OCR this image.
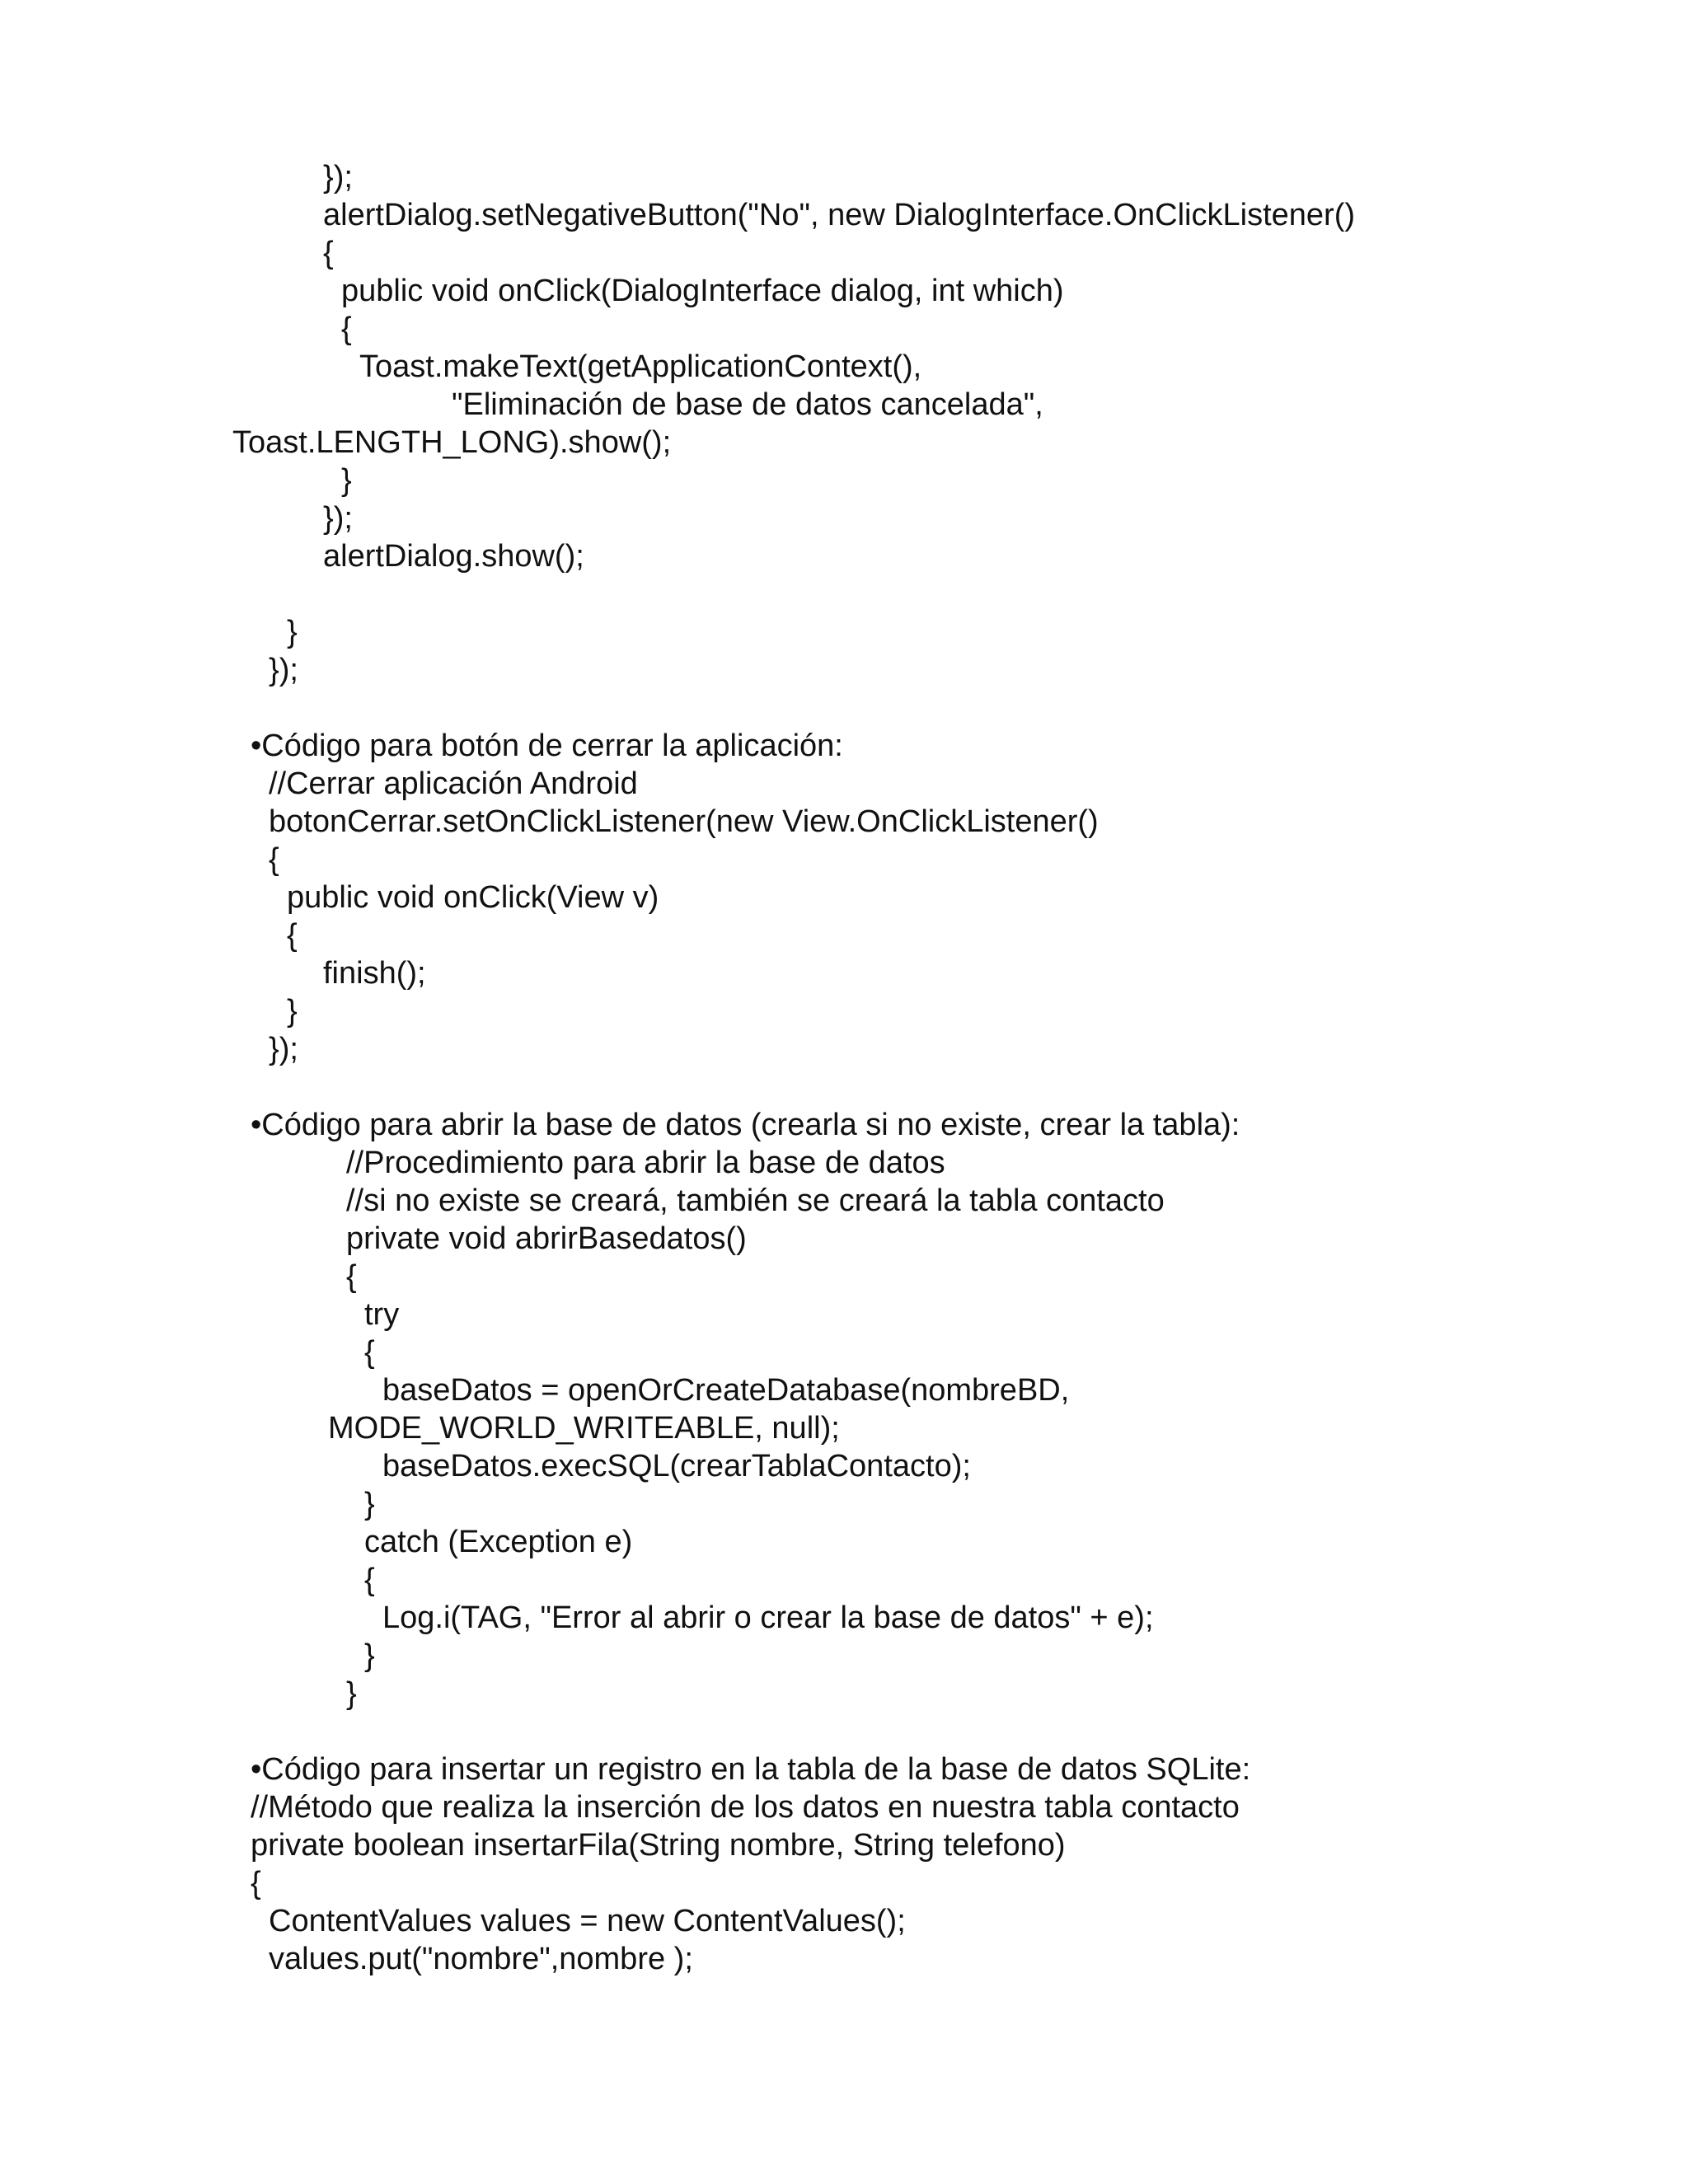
});
alertDialog.setNegativeButton("No", new DialogInterface.OnClickListener()
{
public void onClick(DialogInterface dialog, int which)
{
Toast.makeText(getApplicationContext(),
"Eliminación de base de datos cancelada",
Toast.LENGTH_LONG).show();
}
});
alertDialog.show();
}
});
•Código para botón de cerrar la aplicación:
//Cerrar aplicación Android
botonCerrar.setOnClickListener(new View.OnClickListener()
{
public void onClick(View v)
{
finish();
}
});
•Código para abrir la base de datos (crearla si no existe, crear la tabla):
//Procedimiento para abrir la base de datos
//si no existe se creará, también se creará la tabla contacto
private void abrirBasedatos()
{
try
{
baseDatos = openOrCreateDatabase(nombreBD,
MODE_WORLD_WRITEABLE, null);
baseDatos.execSQL(crearTablaContacto);
}
catch (Exception e)
{
Log.i(TAG, "Error al abrir o crear la base de datos" + e);
}
}
•Código para insertar un registro en la tabla de la base de datos SQLite:
//Método que realiza la inserción de los datos en nuestra tabla contacto
private boolean insertarFila(String nombre, String telefono)
{
ContentValues values = new ContentValues();
values.put("nombre",nombre );
